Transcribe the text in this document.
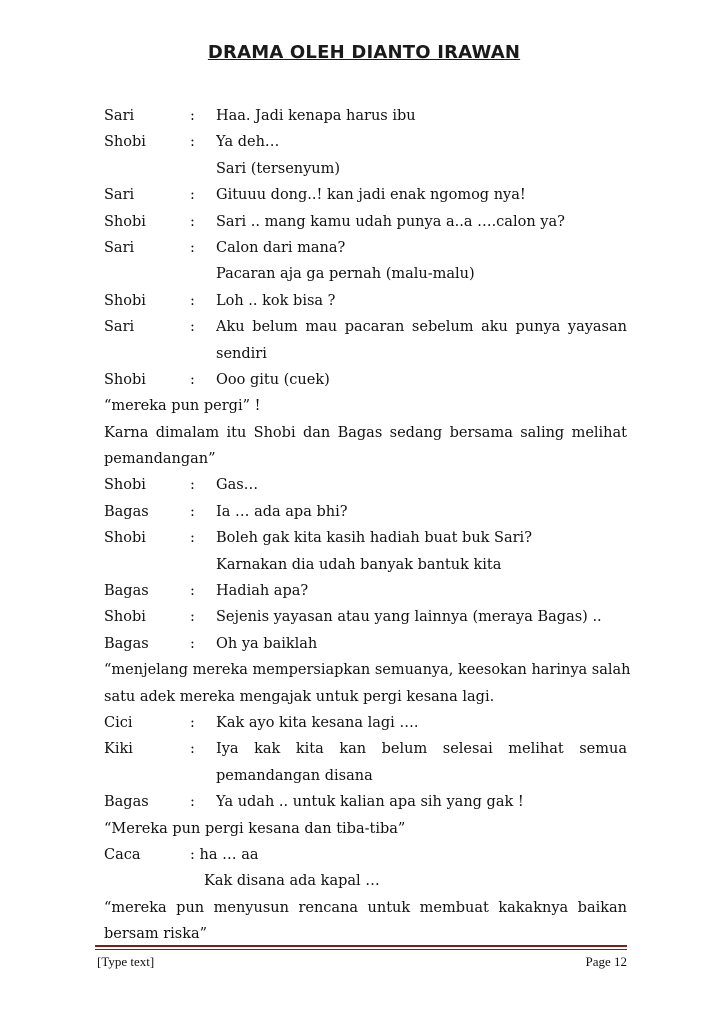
DRAMA OLEH DIANTO IRAWAN
Sari	:	Haa. Jadi kenapa harus ibu
Shobi	:	Ya deh…
Sari (tersenyum)
Sari	:	Gituuu dong..! kan jadi enak ngomog nya!
Shobi	:	Sari .. mang kamu udah punya a..a ….calon ya?
Sari	:	Calon dari mana?
Pacaran aja ga pernah (malu-malu)
Shobi	:	Loh .. kok bisa ?
Sari	:	Aku belum mau pacaran sebelum aku punya yayasan
sendiri
Shobi	:	Ooo gitu (cuek)
“mereka pun pergi” !
Karna dimalam itu Shobi dan Bagas sedang bersama saling melihat
pemandangan”
Shobi	:	Gas…
Bagas	:	Ia … ada apa bhi?
Shobi	:	Boleh gak kita kasih hadiah buat buk Sari?
Karnakan dia udah banyak bantuk kita
Bagas	:	Hadiah apa?
Shobi	:	Sejenis yayasan atau yang lainnya (meraya Bagas) ..
Bagas	:	Oh ya baiklah
“menjelang mereka mempersiapkan semuanya, keesokan harinya salah
satu adek mereka mengajak untuk pergi kesana lagi.
Cici	:	Kak ayo kita kesana lagi ….
Kiki	:	Iya kak kita kan belum selesai melihat semua
pemandangan disana
Bagas	:	Ya udah .. untuk kalian apa sih yang gak !
“Mereka pun pergi kesana dan tiba-tiba”
Caca	: ha … aa
Kak disana ada kapal …
“mereka pun menyusun rencana untuk membuat kakaknya baikan
bersam riska”
[Type text]	Page 12
